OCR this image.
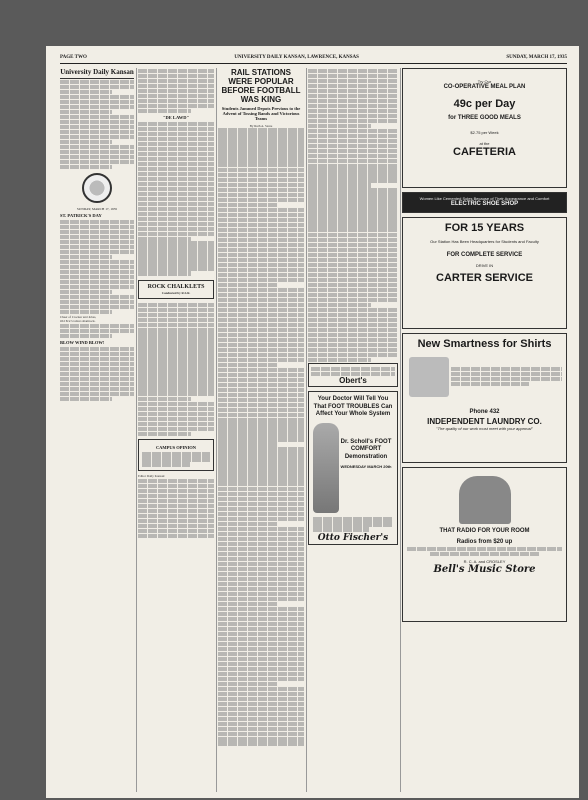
PAGE TWO	UNIVERSITY DAILY KANSAN, LAWRENCE, KANSAS	SUNDAY, MARCH 17, 1935
University Daily Kansan
SUNDAY, MARCH 17, 1935
ST. PATRICK'S DAY
Cheer of Crocker and Jobes,
Old Eric's tailors shamrock.
BLOW WIND BLOW!
"DE LAWD"
ROCK CHALKLETS
Conducted by R.S.R.
CAMPUS OPINION
Editor Daily Kansan:
RAIL STATIONS WERE POPULAR BEFORE FOOTBALL WAS KING
Students Jammed Depots Previous to the Advent of Tossing Bands and Victorious Teams
By Ruth A. Stone
Obert's
Your Doctor Will Tell You That FOOT TROUBLES Can Affect Your Whole System
Dr. Scholl's FOOT COMFORT Demonstration
WEDNESDAY MARCH 20th
Otto Fischer's
Try Our
CO-OPERATIVE MEAL PLAN
49c per Day
for THREE GOOD MEALS
$2.75 per Week
at the
CAFETERIA
Women Like Cemented Soles Because of Their Appearance and Comfort
ELECTRIC SHOE SHOP
FOR 15 YEARS
Our Station Has Been Headquarters for Students and Faculty
FOR COMPLETE SERVICE
DRIVE IN
CARTER SERVICE
New Smartness for Shirts
Phone 432
INDEPENDENT LAUNDRY CO.
"The quality of our work must meet with your approval"
THAT RADIO FOR YOUR ROOM
Radios from $20 up
R. C. A. and CROSLEY
Bell's Music Store
